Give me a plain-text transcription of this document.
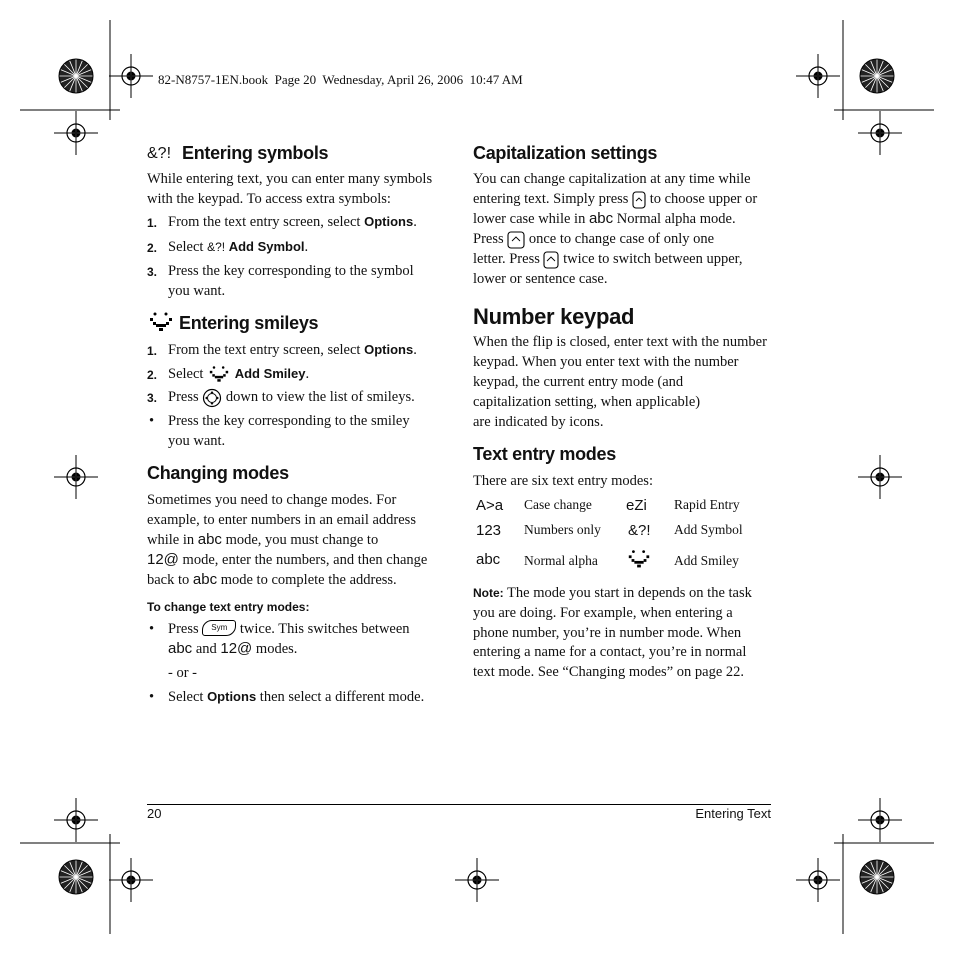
82-N8757-1EN.book  Page 20  Wednesday, April 26, 2006  10:47 AM
&?! Entering symbols
While entering text, you can enter many symbols
with the keypad. To access extra symbols:
1. From the text entry screen, select Options.
2. Select &?! Add Symbol.
3. Press the key corresponding to the symbol
you want.
Entering smileys
1. From the text entry screen, select Options.
2. Select  Add Smiley.
3. Press  down to view the list of smileys.
• Press the key corresponding to the smiley
you want.
Changing modes
Sometimes you need to change modes. For
example, to enter numbers in an email address
while in abc mode, you must change to
12@ mode, enter the numbers, and then change
back to abc mode to complete the address.
To change text entry modes:
• Press Sym twice. This switches between
abc and 12@ modes.
- or -
• Select Options then select a different mode.
Capitalization settings
You can change capitalization at any time while
entering text. Simply press  to choose upper or
lower case while in abc Normal alpha mode.
Press  once to change case of only one
letter. Press  twice to switch between upper,
lower or sentence case.
Number keypad
When the flip is closed, enter text with the number
keypad. When you enter text with the number
keypad, the current entry mode (and
capitalization setting, when applicable)
are indicated by icons.
Text entry modes
There are six text entry modes:
A>a Case change eZi Rapid Entry
123 Numbers only &?! Add Symbol
abc Normal alpha	Add Smiley
Note: The mode you start in depends on the task
you are doing. For example, when entering a
phone number, you’re in number mode. When
entering a name for a contact, you’re in normal
text mode. See “Changing modes” on page 22.
20	Entering Text
